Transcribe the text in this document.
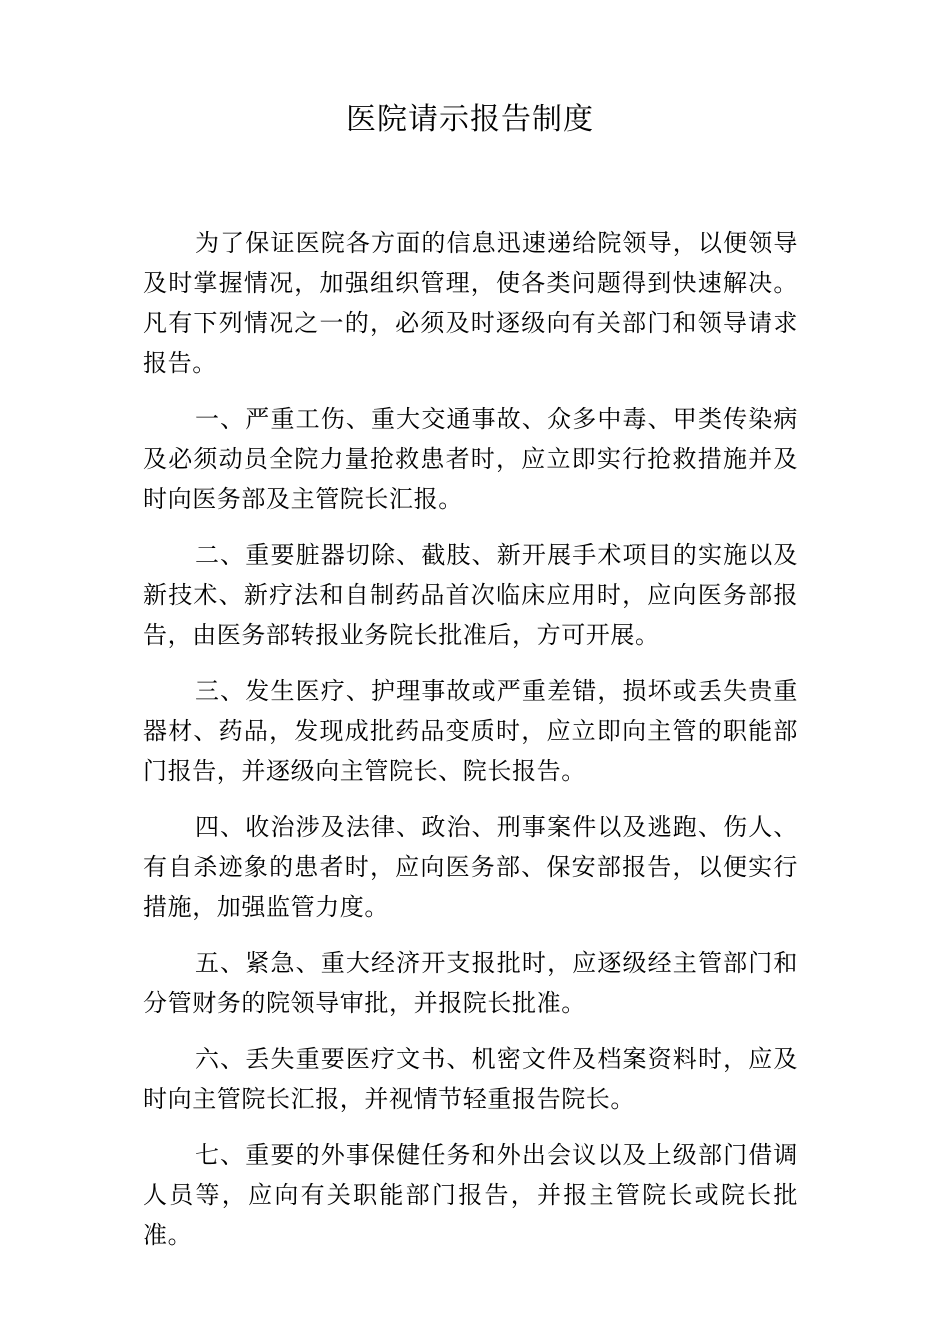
医院请示报告制度

为了保证医院各方面的信息迅速递给院领导，以便领导及时掌握情况，加强组织管理，使各类问题得到快速解决。凡有下列情况之一的，必须及时逐级向有关部门和领导请求报告。

一、严重工伤、重大交通事故、众多中毒、甲类传染病及必须动员全院力量抢救患者时，应立即实行抢救措施并及时向医务部及主管院长汇报。

二、重要脏器切除、截肢、新开展手术项目的实施以及新技术、新疗法和自制药品首次临床应用时，应向医务部报告，由医务部转报业务院长批准后，方可开展。

三、发生医疗、护理事故或严重差错，损坏或丢失贵重器材、药品，发现成批药品变质时，应立即向主管的职能部门报告，并逐级向主管院长、院长报告。

四、收治涉及法律、政治、刑事案件以及逃跑、伤人、有自杀迹象的患者时，应向医务部、保安部报告，以便实行措施，加强监管力度。

五、紧急、重大经济开支报批时，应逐级经主管部门和分管财务的院领导审批，并报院长批准。

六、丢失重要医疗文书、机密文件及档案资料时，应及时向主管院长汇报，并视情节轻重报告院长。

七、重要的外事保健任务和外出会议以及上级部门借调人员等，应向有关职能部门报告，并报主管院长或院长批准。
